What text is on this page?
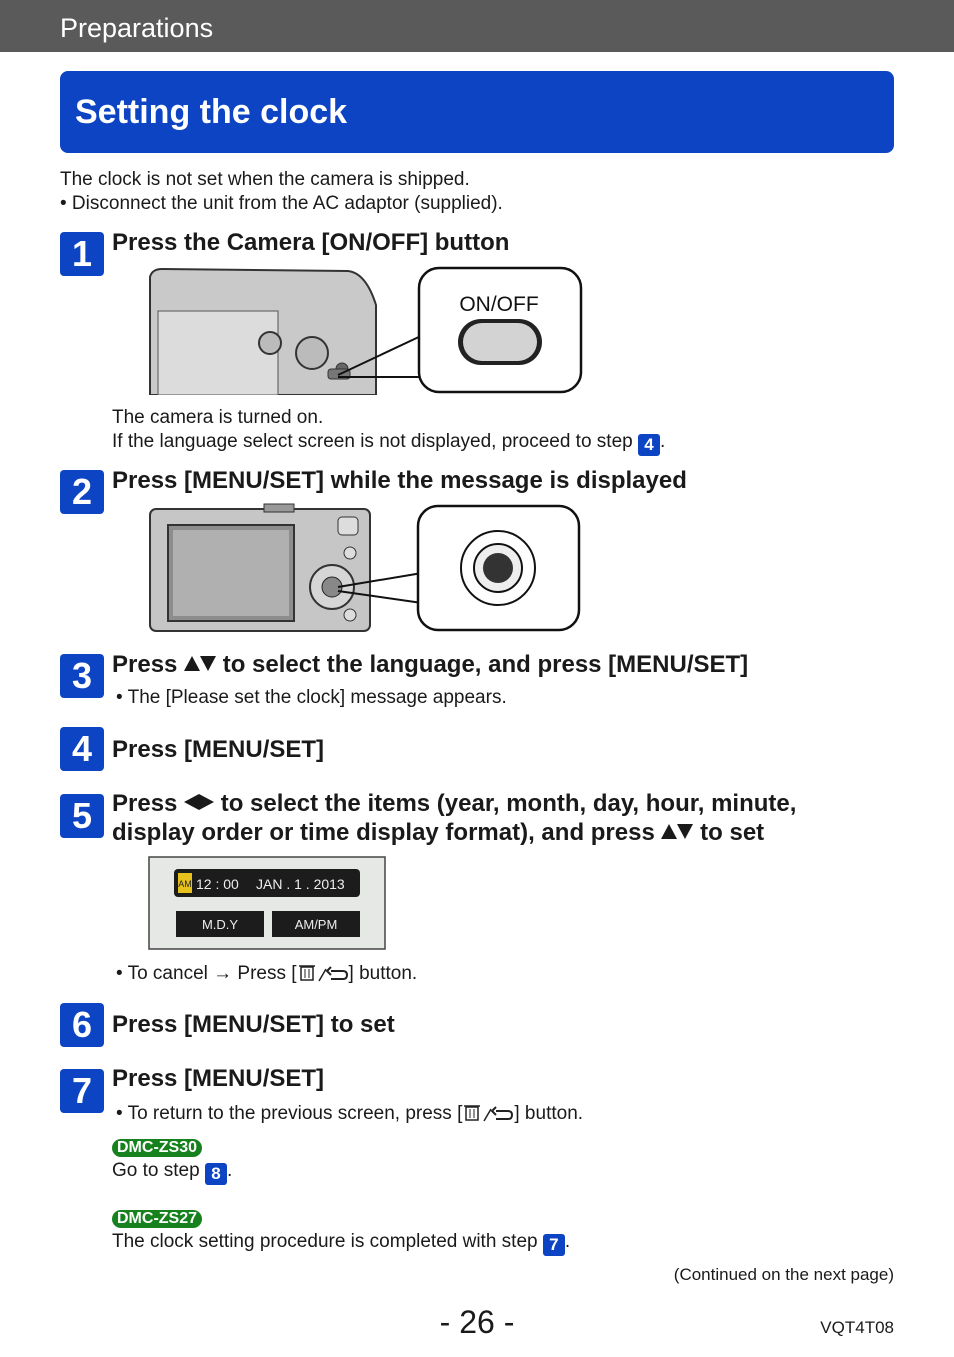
Preparations
Setting the clock
The clock is not set when the camera is shipped.
• Disconnect the unit from the AC adaptor (supplied).
1 Press the Camera [ON/OFF] button
ON/OFF
The camera is turned on.
If the language select screen is not displayed, proceed to step 4 .
2 Press [MENU/SET] while the message is displayed
3 Press to select the language, and press [MENU/SET]
• The [Please set the clock] message appears.
4 Press [MENU/SET]
5 Press to select the items (year, month, day, hour, minute,
display order or time display format), and press to set
AM 12 : 00 JAN . 1 . 2013
M.D.Y	AM/PM
• To cancel → Press [	] button.
6 Press [MENU/SET] to set
7 Press [MENU/SET]
• To return to the previous screen, press [	] button.
DMC-ZS30
Go to step 8 .
DMC-ZS27
The clock setting procedure is completed with step 7 .
(Continued on the next page)
- 26 -	VQT4T08
